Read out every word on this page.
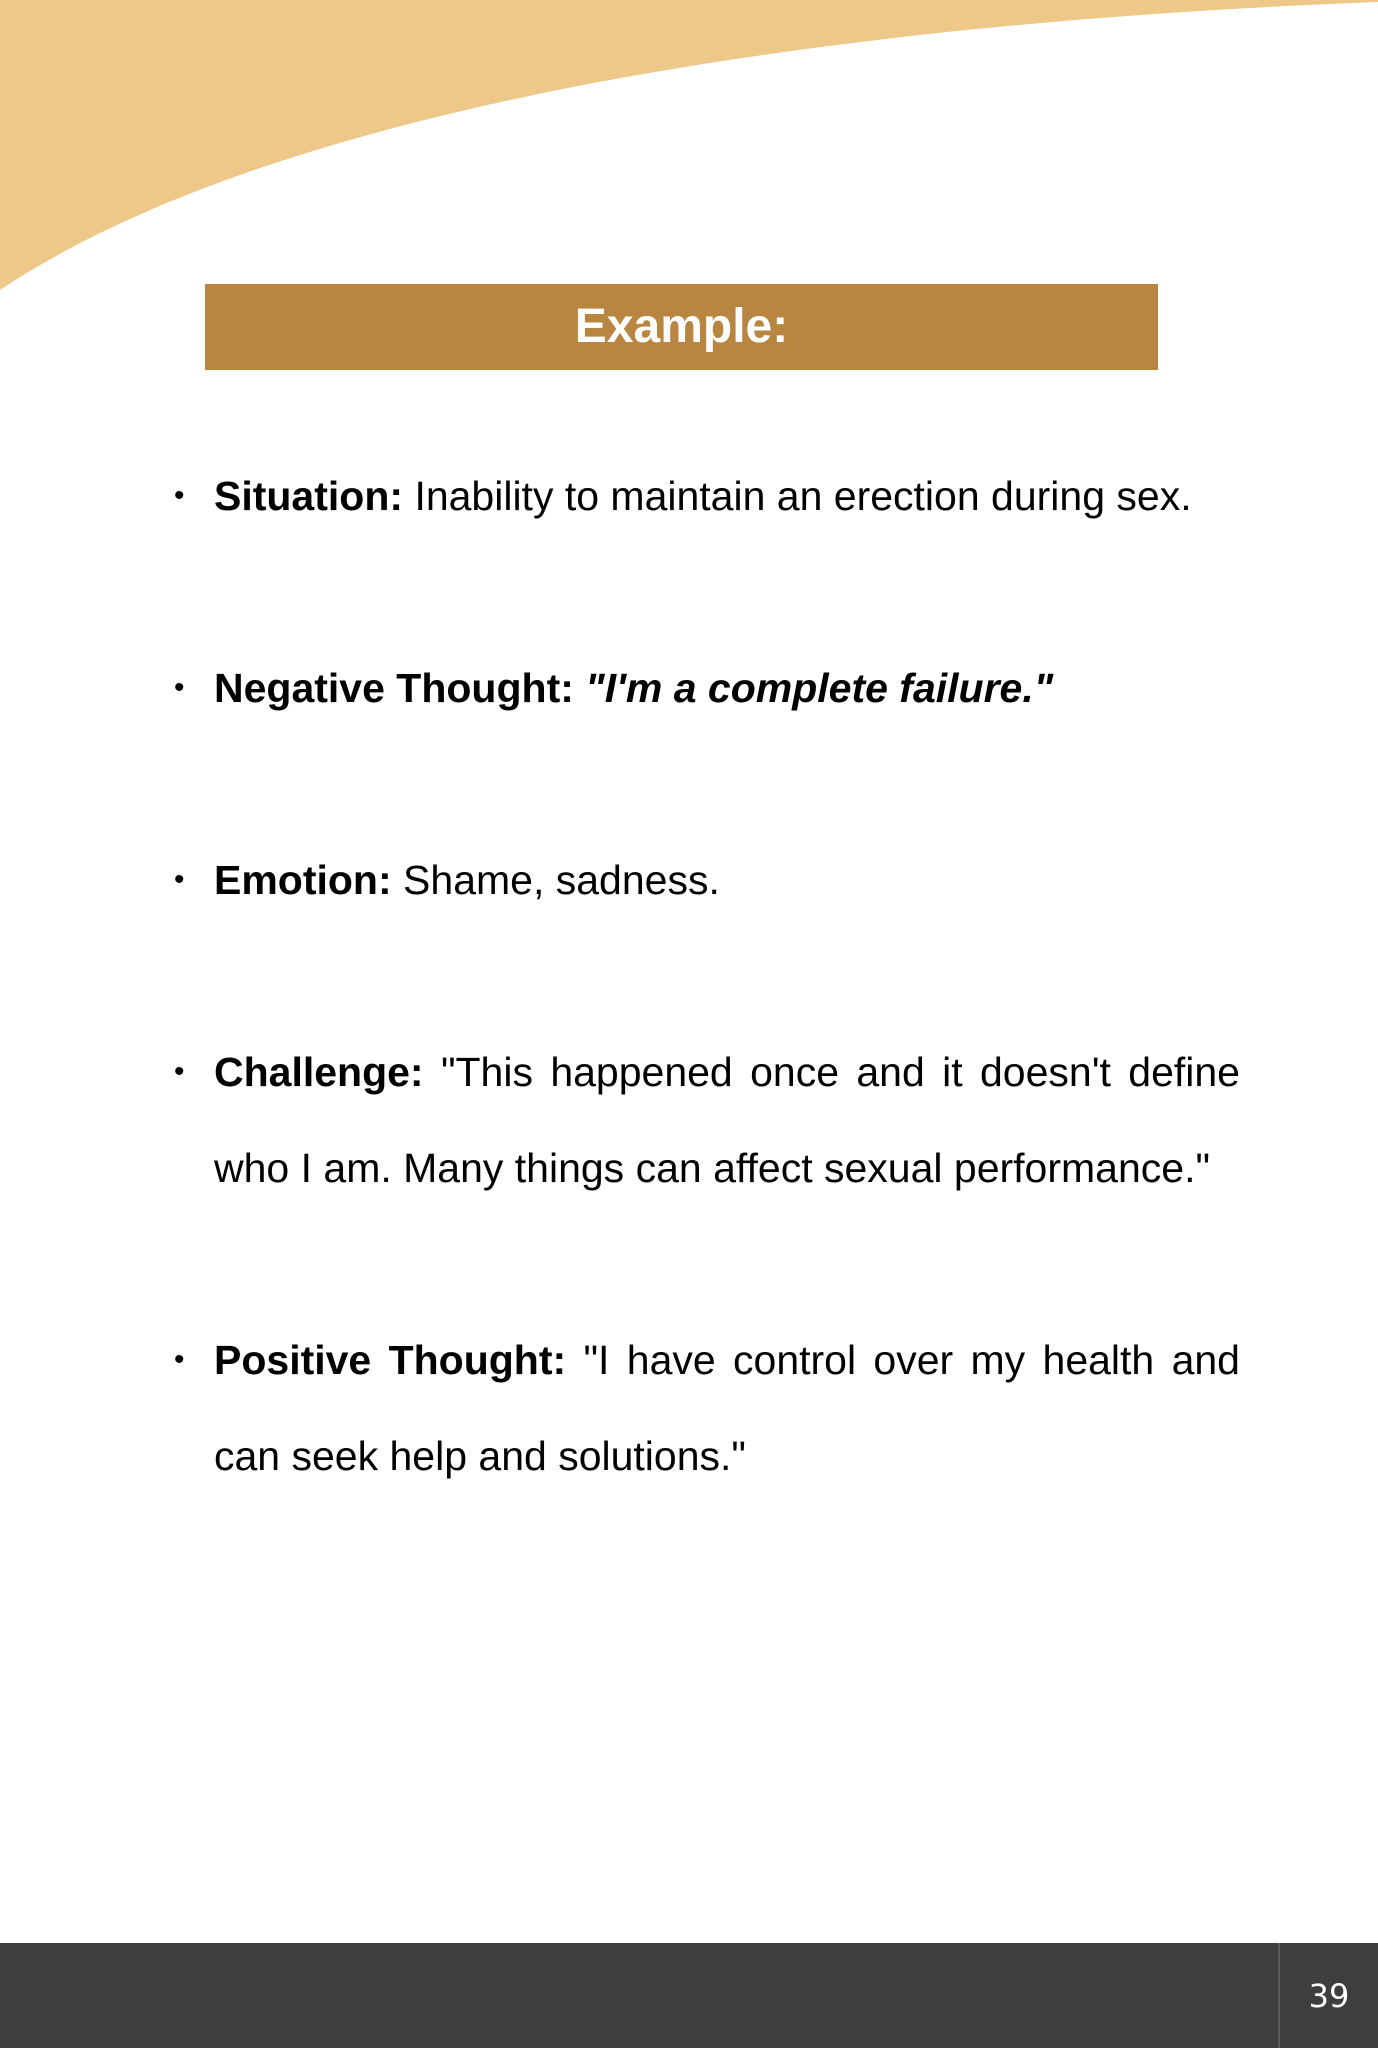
Example:
• Situation: Inability to maintain an erection during sex.
• Negative Thought: "I'm a complete failure."
• Emotion: Shame, sadness.
• Challenge: "This happened once and it doesn't define who I am. Many things can affect sexual performance."
• Positive Thought: "I have control over my health and can seek help and solutions."
39
